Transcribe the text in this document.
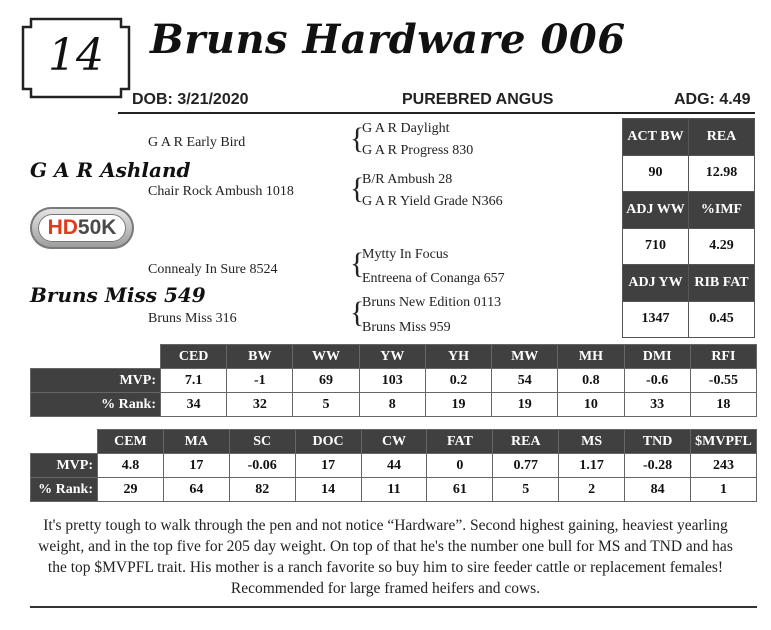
14	Bruns Hardware 006
DOB: 3/21/2020	PUREBRED ANGUS	ADG: 4.49
G A R Early Bird
G A R Ashland
Chair Rock Ambush 1018
{
G A R Daylight
G A R Progress 830
{
B/R Ambush 28
G A R Yield Grade N366
HD50K
Connealy In Sure 8524
Bruns Miss 549
Bruns Miss 316
{
Mytty In Focus
Entreena of Conanga 657
{
Bruns New Edition 0113
Bruns Miss 959
ACT BW	REA
90	12.98
ADJ WW	%IMF
710	4.29
ADJ YW	RIB FAT
1347	0.45
	CED	BW	WW	YW	YH	MW	MH	DMI	RFI
MVP:	7.1	-1	69	103	0.2	54	0.8	-0.6	-0.55
% Rank:	34	32	5	8	19	19	10	33	18
	CEM	MA	SC	DOC	CW	FAT	REA	MS	TND	$MVPFL
MVP:	4.8	17	-0.06	17	44	0	0.77	1.17	-0.28	243
% Rank:	29	64	82	14	11	61	5	2	84	1
It's pretty tough to walk through the pen and not notice “Hardware”. Second highest gaining, heaviest yearling weight, and in the top five for 205 day weight. On top of that he's the number one bull for MS and TND and has the top $MVPFL trait. His mother is a ranch favorite so buy him to sire feeder cattle or replacement females! Recommended for large framed heifers and cows.
